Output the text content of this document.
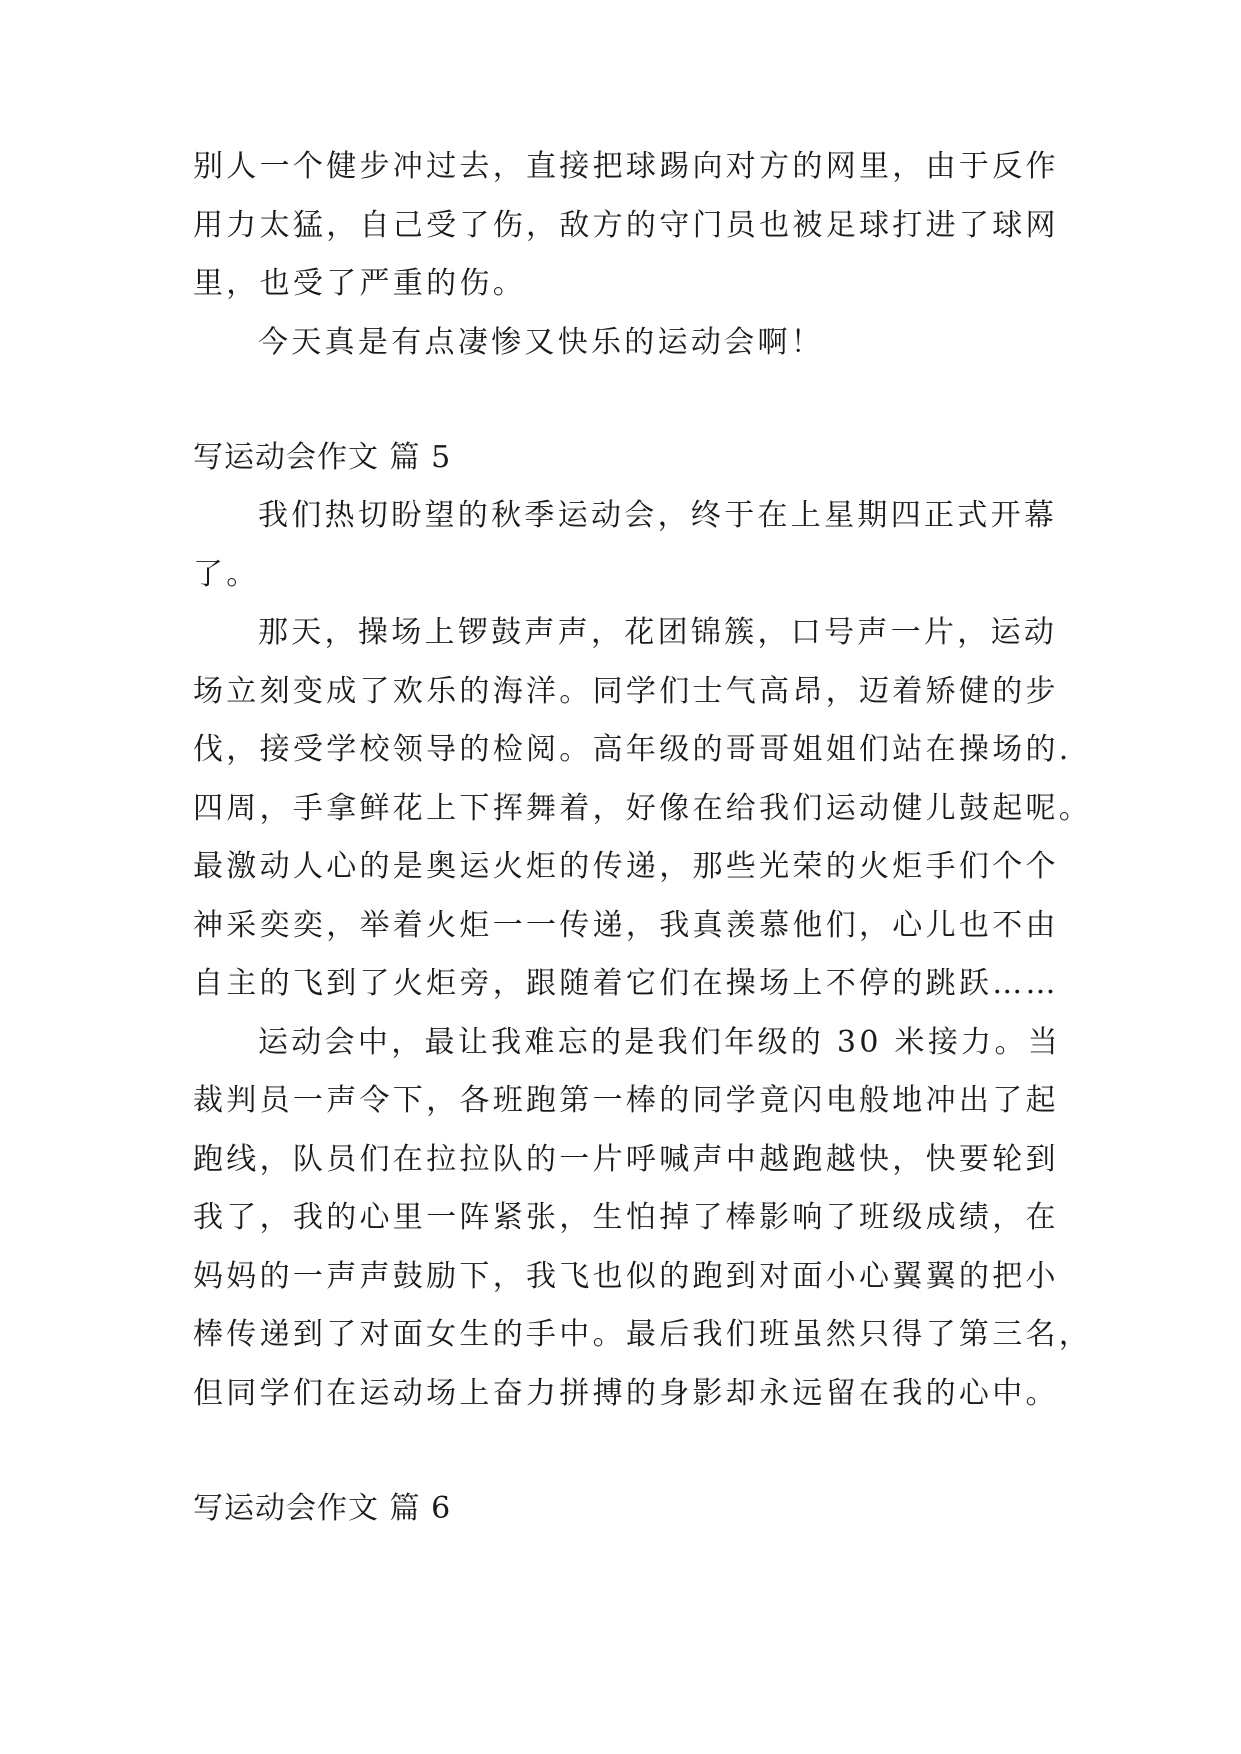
别人一个健步冲过去，直接把球踢向对方的网里，由于反作
用力太猛，自己受了伤，敌方的守门员也被足球打进了球网
里，也受了严重的伤。
今天真是有点凄惨又快乐的运动会啊！
写运动会作文 篇 5
我们热切盼望的秋季运动会，终于在上星期四正式开幕
了。
那天，操场上锣鼓声声，花团锦簇，口号声一片，运动
场立刻变成了欢乐的海洋。同学们士气高昂，迈着矫健的步
伐，接受学校领导的检阅。高年级的哥哥姐姐们站在操场的.
四周，手拿鲜花上下挥舞着，好像在给我们运动健儿鼓起呢。
最激动人心的是奥运火炬的传递，那些光荣的火炬手们个个
神采奕奕，举着火炬一一传递，我真羡慕他们，心儿也不由
自主的飞到了火炬旁，跟随着它们在操场上不停的跳跃……
运动会中，最让我难忘的是我们年级的 30 米接力。当
裁判员一声令下，各班跑第一棒的同学竟闪电般地冲出了起
跑线，队员们在拉拉队的一片呼喊声中越跑越快，快要轮到
我了，我的心里一阵紧张，生怕掉了棒影响了班级成绩，在
妈妈的一声声鼓励下，我飞也似的跑到对面小心翼翼的把小
棒传递到了对面女生的手中。最后我们班虽然只得了第三名，
但同学们在运动场上奋力拼搏的身影却永远留在我的心中。
写运动会作文 篇 6
